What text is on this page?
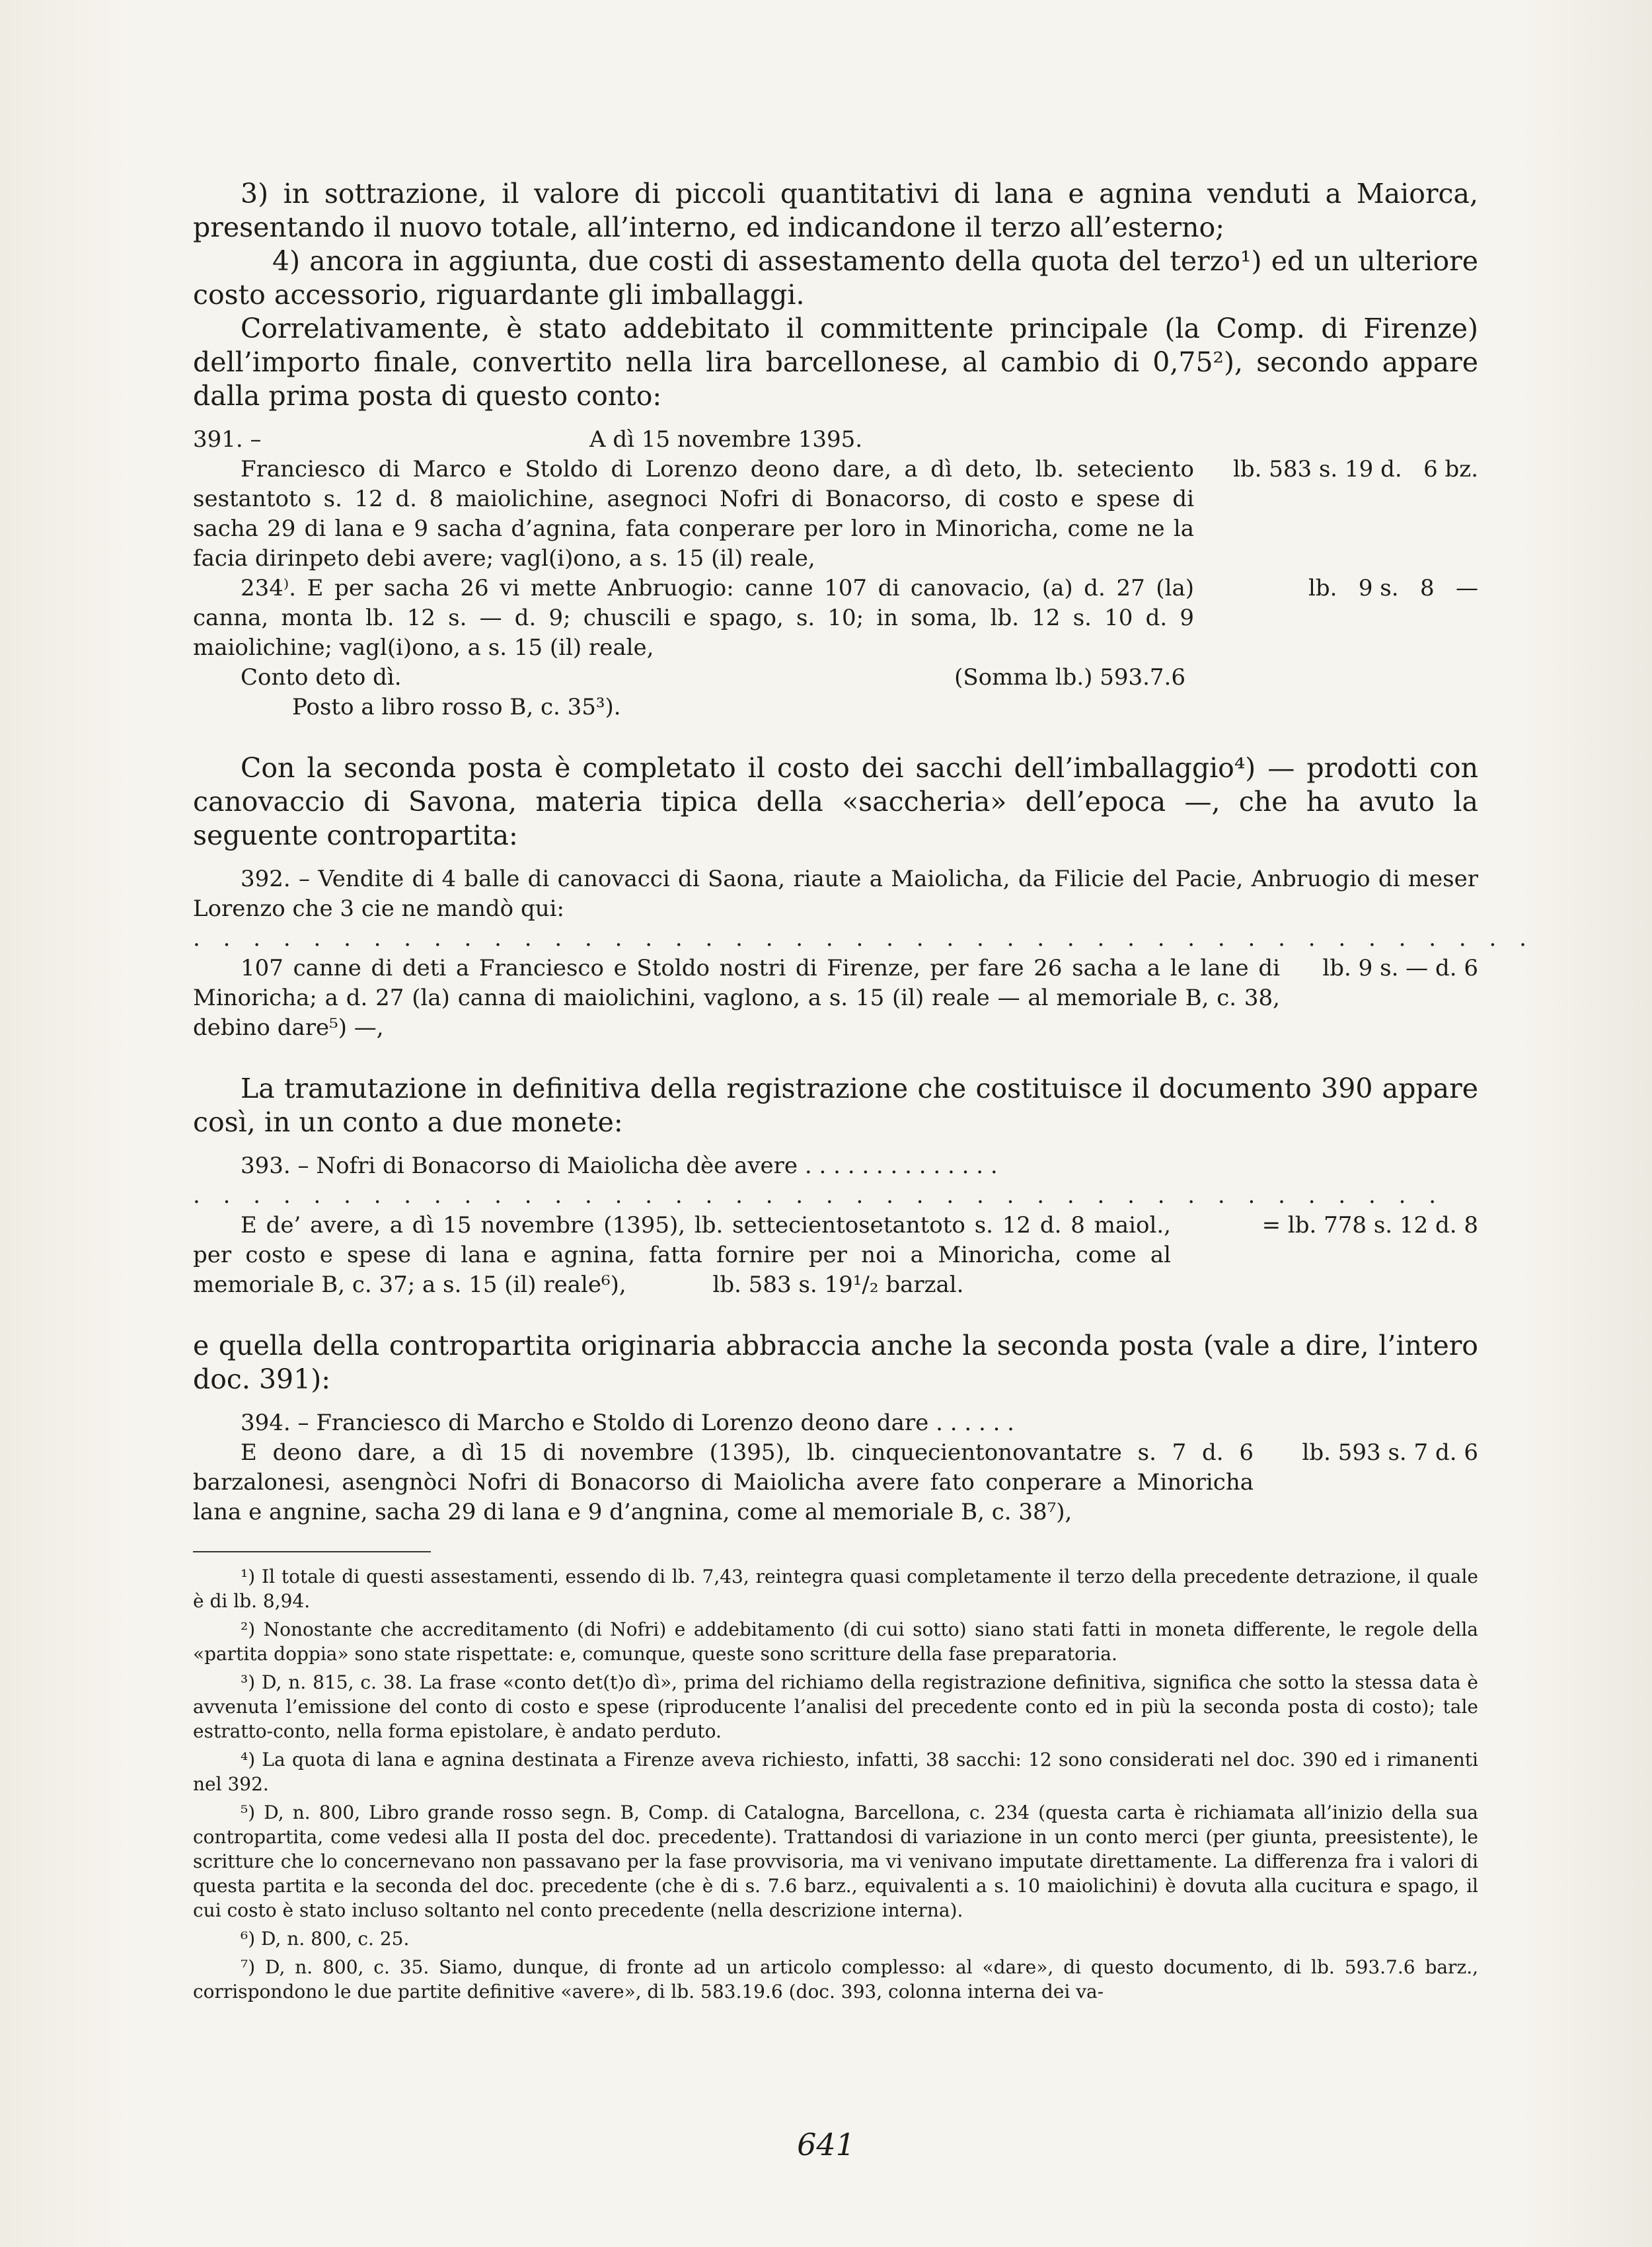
3) in sottrazione, il valore di piccoli quantitativi di lana e agnina venduti a Maiorca, presentando il nuovo totale, all’interno, ed indicandone il terzo all’esterno;

4) ancora in aggiunta, due costi di assestamento della quota del terzo¹) ed un ulteriore costo accessorio, riguardante gli imballaggi.

Correlativamente, è stato addebitato il committente principale (la Comp. di Firenze) dell’importo finale, convertito nella lira barcellonese, al cambio di 0,75²), secondo appare dalla prima posta di questo conto:

391. –	A dì 15 novembre 1395.
Franciesco di Marco e Stoldo di Lorenzo deono dare, a dì deto, lb. seteciento sestantoto s. 12 d. 8 maiolichine, asegnoci Nofri di Bonacorso, di costo e spese di sacha 29 di lana e 9 sacha d’agnina, fata conperare per loro in Minoricha, come ne la facia dirinpeto debi avere; vagl(i)ono, a s. 15 (il) reale,
lb. 583 s. 19 d.   6 bz.
234⁾. E per sacha 26 vi mette Anbruogio: canne 107 di canovacio, (a) d. 27 (la) canna, monta lb. 12 s. — d. 9; chuscili e spago, s. 10; in soma, lb. 12 s. 10 d. 9 maiolichine; vagl(i)ono, a s. 15 (il) reale,
lb.   9 s.   8   —
Conto deto dì.	(Somma lb.) 593.7.6
Posto a libro rosso B, c. 35³).

Con la seconda posta è completato il costo dei sacchi dell’imballaggio⁴) — prodotti con canovaccio di Savona, materia tipica della «saccheria» dell’epoca —, che ha avuto la seguente contropartita:

392. – Vendite di 4 balle di canovacci di Saona, riaute a Maiolicha, da Filicie del Pacie, Anbruogio di meser Lorenzo che 3 cie ne mandò qui:

. . . . . . . . . . . . . . . . . . . . . . . . . . . . . . . . . . . . . . . . . . . . .
107 canne di deti a Franciesco e Stoldo nostri di Firenze, per fare 26 sacha a le lane di Minoricha; a d. 27 (la) canna di maiolichini, vaglono, a s. 15 (il) reale — al memoriale B, c. 38, debino dare⁵) —,
lb. 9 s. — d. 6

La tramutazione in definitiva della registrazione che costituisce il documento 390 appare così, in un conto a due monete:

393. – Nofri di Bonacorso di Maiolicha dèe avere . . . . . . . . . . . . . .

. . . . . . . . . . . . . . . . . . . . . . . . . . . . . . . . . . . . . . . . . .
E de’ avere, a dì 15 novembre (1395), lb. settecientosetantoto s. 12 d. 8 maiol., per costo e spese di lana e agnina, fatta fornire per noi a Minoricha, come al memoriale B, c. 37; a s. 15 (il) reale⁶),	lb. 583 s. 19¹/₂ barzal.
= lb. 778 s. 12 d. 8

e quella della contropartita originaria abbraccia anche la seconda posta (vale a dire, l’intero doc. 391):

394. – Franciesco di Marcho e Stoldo di Lorenzo deono dare . . . . . .

E deono dare, a dì 15 di novembre (1395), lb. cinquecientonovantatre s. 7 d. 6 barzalonesi, asengnòci Nofri di Bonacorso di Maiolicha avere fato conperare a Minoricha lana e angnine, sacha 29 di lana e 9 d’angnina, come al memoriale B, c. 38⁷),
lb. 593 s. 7 d. 6

¹) Il totale di questi assestamenti, essendo di lb. 7,43, reintegra quasi completamente il terzo della precedente detrazione, il quale è di lb. 8,94.

²) Nonostante che accreditamento (di Nofri) e addebitamento (di cui sotto) siano stati fatti in moneta differente, le regole della «partita doppia» sono state rispettate: e, comunque, queste sono scritture della fase preparatoria.

³) D, n. 815, c. 38. La frase «conto det(t)o dì», prima del richiamo della registrazione definitiva, significa che sotto la stessa data è avvenuta l’emissione del conto di costo e spese (riproducente l’analisi del precedente conto ed in più la seconda posta di costo); tale estratto-conto, nella forma epistolare, è andato perduto.

⁴) La quota di lana e agnina destinata a Firenze aveva richiesto, infatti, 38 sacchi: 12 sono considerati nel doc. 390 ed i rimanenti nel 392.

⁵) D, n. 800, Libro grande rosso segn. B, Comp. di Catalogna, Barcellona, c. 234 (questa carta è richiamata all’inizio della sua contropartita, come vedesi alla II posta del doc. precedente). Trattandosi di variazione in un conto merci (per giunta, preesistente), le scritture che lo concernevano non passavano per la fase provvisoria, ma vi venivano imputate direttamente. La differenza fra i valori di questa partita e la seconda del doc. precedente (che è di s. 7.6 barz., equivalenti a s. 10 maiolichini) è dovuta alla cucitura e spago, il cui costo è stato incluso soltanto nel conto precedente (nella descrizione interna).

⁶) D, n. 800, c. 25.

⁷) D, n. 800, c. 35. Siamo, dunque, di fronte ad un articolo complesso: al «dare», di questo documento, di lb. 593.7.6 barz., corrispondono le due partite definitive «avere», di lb. 583.19.6 (doc. 393, colonna interna dei va-

641
